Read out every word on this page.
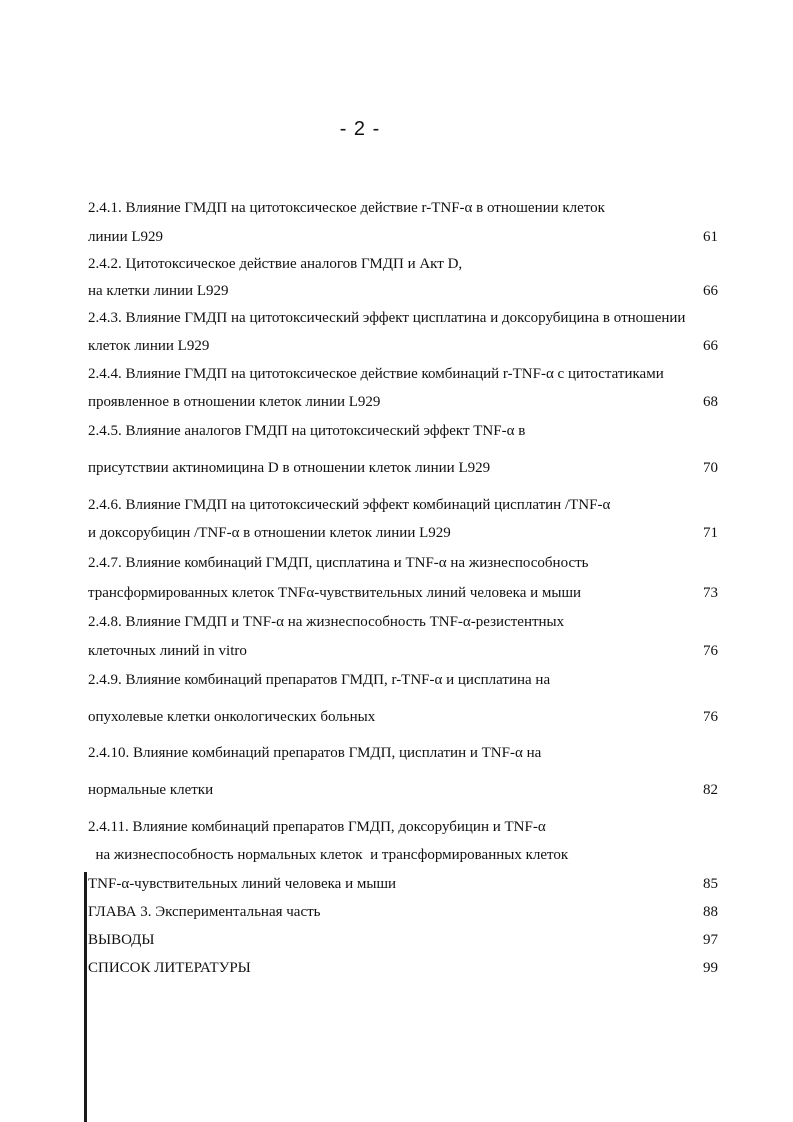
- 2 -
2.4.1. Влияние ГМДП на цитотоксическое действие r-TNF-α в отношении клеток
линии L929	61
2.4.2. Цитотоксическое действие аналогов ГМДП и Акт D,
на клетки линии L929	66
2.4.3. Влияние ГМДП на цитотоксический эффект цисплатина и доксорубицина в отношении
клеток линии L929	66
2.4.4. Влияние ГМДП на цитотоксическое действие комбинаций r-TNF-α с цитостатиками
проявленное в отношении клеток линии L929	68
2.4.5. Влияние аналогов ГМДП на цитотоксический эффект TNF-α в
присутствии актиномицина D в отношении клеток линии L929	70
2.4.6. Влияние ГМДП на цитотоксический эффект комбинаций цисплатин /TNF-α
и доксорубицин /TNF-α в отношении клеток линии L929	71
2.4.7. Влияние комбинаций ГМДП, цисплатина и TNF-α на жизнеспособность
трансформированных клеток TNFα-чувствительных линий человека и мыши	73
2.4.8. Влияние ГМДП и TNF-α на жизнеспособность TNF-α-резистентных
клеточных линий in vitro	76
2.4.9. Влияние комбинаций препаратов ГМДП, r-TNF-α и цисплатина на
опухолевые клетки онкологических больных	76
2.4.10. Влияние комбинаций препаратов ГМДП, цисплатин и TNF-α на
нормальные клетки	82
2.4.11. Влияние комбинаций препаратов ГМДП, доксорубицин и TNF-α
на жизнеспособность нормальных клеток  и трансформированных клеток
TNF-α-чувствительных линий человека и мыши	85
ГЛАВА 3. Экспериментальная часть	88
ВЫВОДЫ	97
СПИСОК ЛИТЕРАТУРЫ	99
